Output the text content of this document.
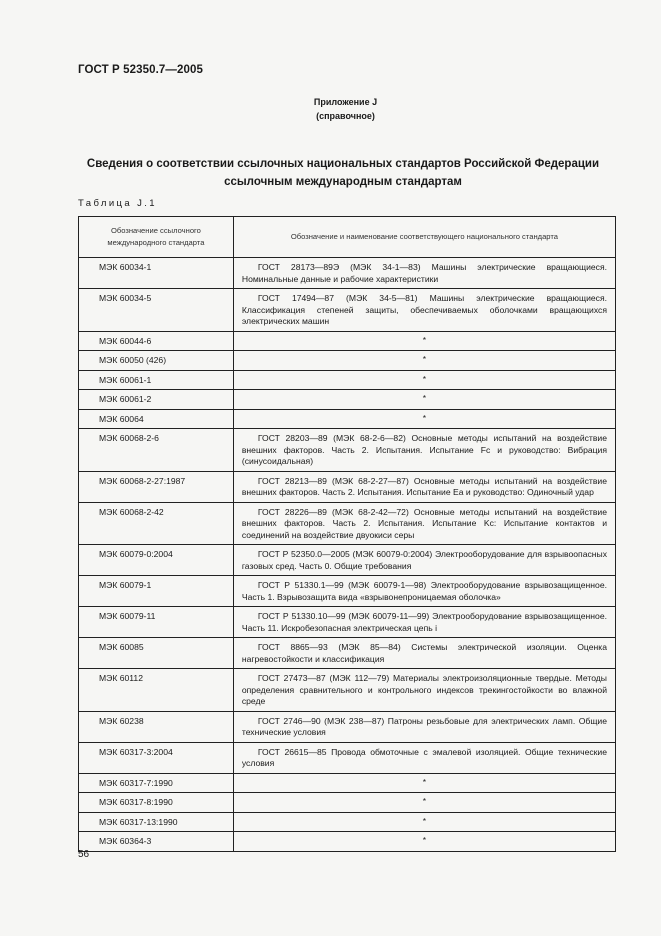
ГОСТ Р 52350.7—2005
Приложение J
(справочное)
Сведения о соответствии ссылочных национальных стандартов Российской Федерации
ссылочным международным стандартам
Таблица J.1
Обозначение ссылочного
международного стандарта	Обозначение и наименование соответствующего национального стандарта
МЭК 60034-1	ГОСТ 28173—89Э (МЭК 34-1—83) Машины электрические вращающиеся. Номинальные данные и рабочие характеристики

МЭК 60034-5	ГОСТ 17494—87 (МЭК 34-5—81) Машины электрические вращающиеся. Классификация степеней защиты, обеспечиваемых оболочками вращающихся электрических машин

МЭК 60044-6	*
МЭК 60050 (426)	*
МЭК 60061-1	*
МЭК 60061-2	*
МЭК 60064	*
МЭК 60068-2-6	ГОСТ 28203—89 (МЭК 68-2-6—82) Основные методы испытаний на воздействие внешних факторов. Часть 2. Испытания. Испытание Fc и руководство: Вибрация (синусоидальная)

МЭК 60068-2-27:1987	ГОСТ 28213—89 (МЭК 68-2-27—87) Основные методы испытаний на воздействие внешних факторов. Часть 2. Испытания. Испытание Ea и руководство: Одиночный удар

МЭК 60068-2-42	ГОСТ 28226—89 (МЭК 68-2-42—72) Основные методы испытаний на воздействие внешних факторов. Часть 2. Испытания. Испытание Kc: Испытание контактов и соединений на воздействие двуокиси серы

МЭК 60079-0:2004	ГОСТ Р 52350.0—2005 (МЭК 60079-0:2004) Электрооборудование для взрывоопасных газовых сред. Часть 0. Общие требования

МЭК 60079-1	ГОСТ Р 51330.1—99 (МЭК 60079-1—98) Электрооборудование взрывозащищенное. Часть 1. Взрывозащита вида «взрывонепроницаемая оболочка»

МЭК 60079-11	ГОСТ Р 51330.10—99 (МЭК 60079-11—99) Электрооборудование взрывозащищенное. Часть 11. Искробезопасная электрическая цепь i

МЭК 60085	ГОСТ 8865—93 (МЭК 85—84) Системы электрической изоляции. Оценка нагревостойкости и классификация

МЭК 60112	ГОСТ 27473—87 (МЭК 112—79) Материалы электроизоляционные твердые. Методы определения сравнительного и контрольного индексов трекингостойкости во влажной среде

МЭК 60238	ГОСТ 2746—90 (МЭК 238—87) Патроны резьбовые для электрических ламп. Общие технические условия

МЭК 60317-3:2004	ГОСТ 26615—85 Провода обмоточные с эмалевой изоляцией. Общие технические условия

МЭК 60317-7:1990	*
МЭК 60317-8:1990	*
МЭК 60317-13:1990	*
МЭК 60364-3	*
56
